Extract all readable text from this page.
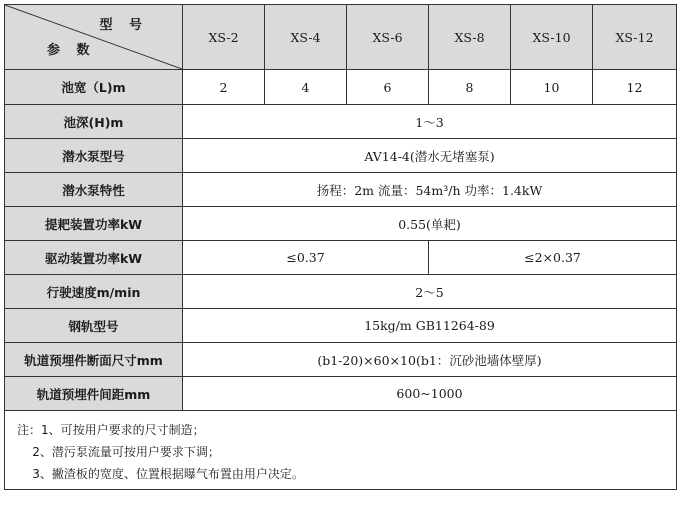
型 号
参 数	XS-2	XS-4	XS-6	XS-8	XS-10	XS-12
池宽（L)m	2	4	6	8	10	12
池深(H)m	1～3					
潜水泵型号	AV14-4(潜水无堵塞泵)					
潜水泵特性	扬程：2m 流量：54m³/h 功率：1.4kW					
提耙装置功率kW	0.55(单耙)					
驱动装置功率kW	≤0.37			≤2×0.37		
行驶速度m/min	2～5					
钢轨型号	15kg/m GB11264-89					
轨道预埋件断面尺寸mm	(b1-20)×60×10(b1：沉砂池墙体壁厚)					
轨道预埋件间距mm	600~1000					

注：1、可按用户要求的尺寸制造；
2、潜污泵流量可按用户要求下调；
3、撇渣板的宽度、位置根据曝气布置由用户决定。						
